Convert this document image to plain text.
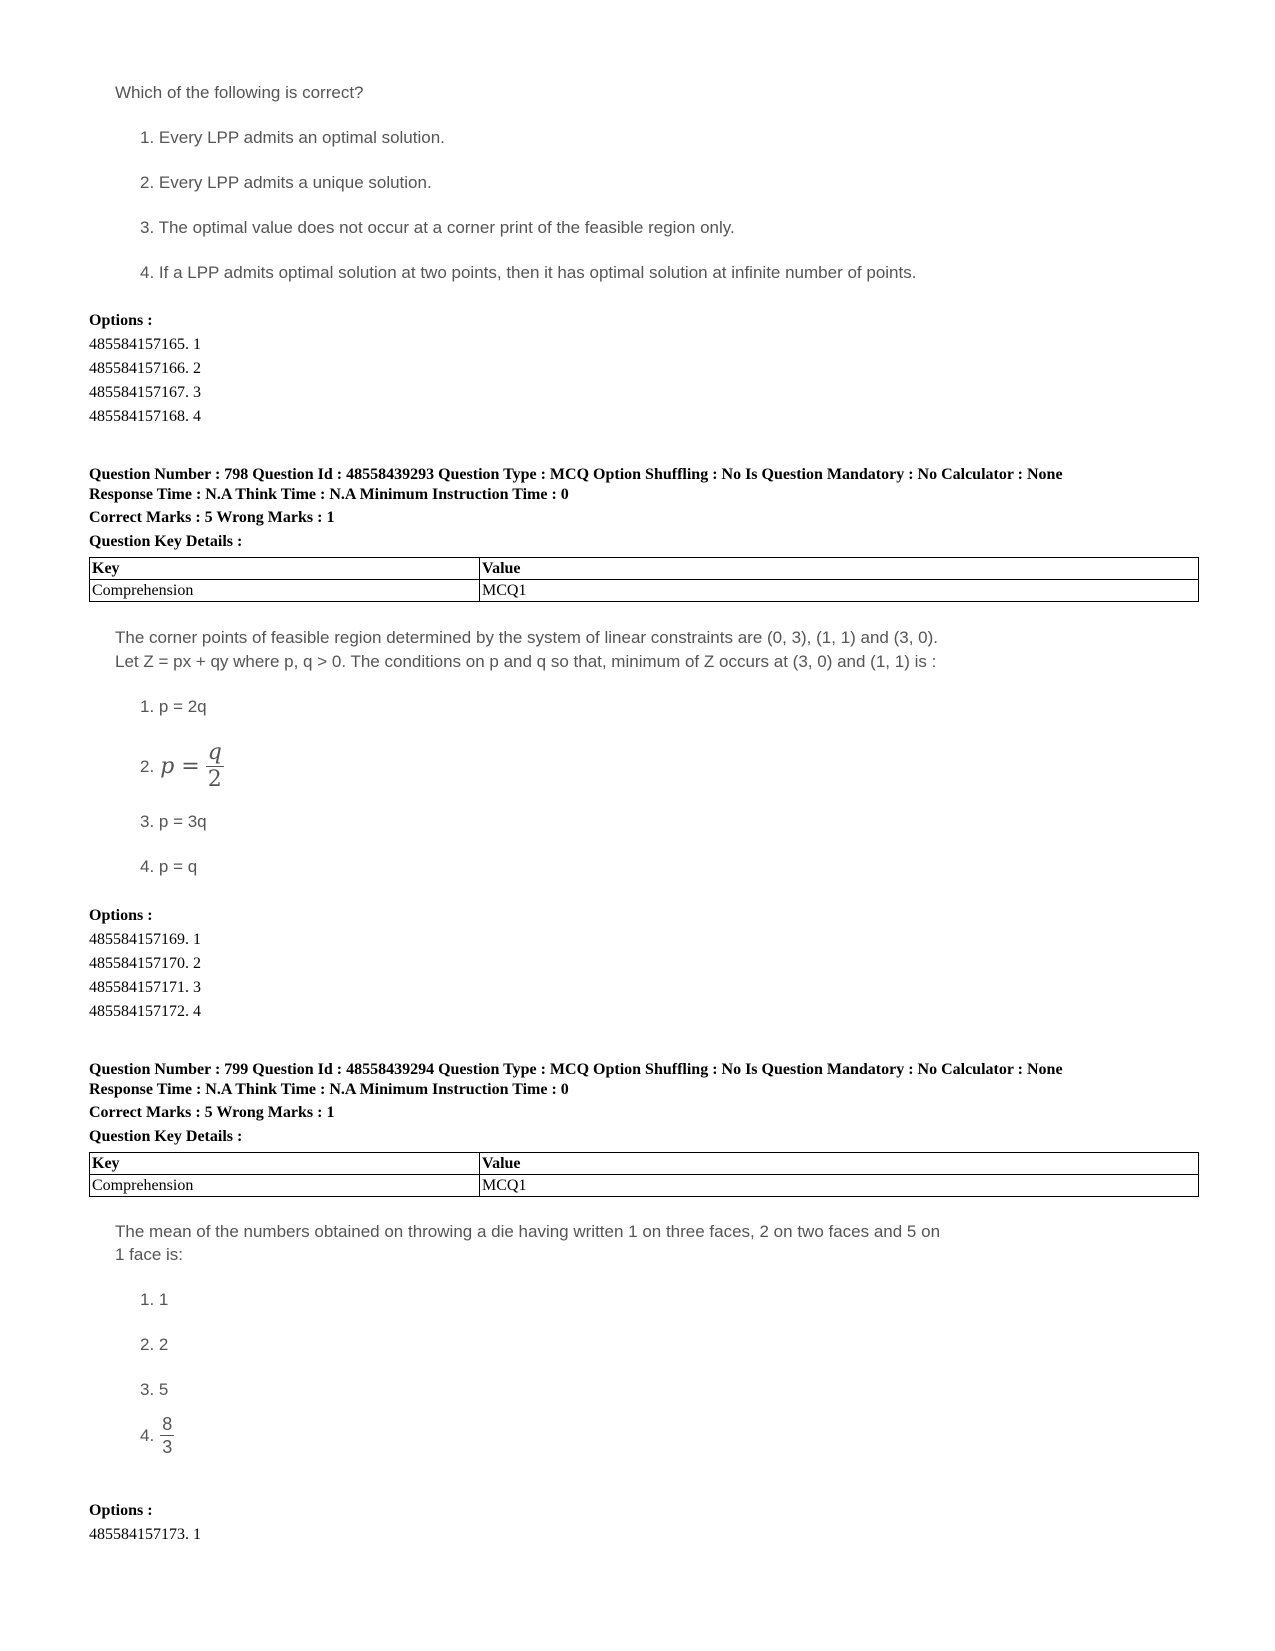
Which of the following is correct?
1. Every LPP admits an optimal solution.
2. Every LPP admits a unique solution.
3. The optimal value does not occur at a corner print of the feasible region only.
4. If a LPP admits optimal solution at two points, then it has optimal solution at infinite number of points.
Options :
485584157165. 1
485584157166. 2
485584157167. 3
485584157168. 4
Question Number : 798 Question Id : 48558439293 Question Type : MCQ Option Shuffling : No Is Question Mandatory : No Calculator : None
Response Time : N.A Think Time : N.A Minimum Instruction Time : 0
Correct Marks : 5 Wrong Marks : 1
Question Key Details :
Key	Value
Comprehension	MCQ1
The corner points of feasible region determined by the system of linear constraints are (0, 3), (1, 1) and (3, 0).
Let Z = px + qy where p, q > 0. The conditions on p and q so that, minimum of Z occurs at (3, 0) and (1, 1) is :
1. p = 2q
2. $p = \frac{q}{2}$
3. p = 3q
4. p = q
Options :
485584157169. 1
485584157170. 2
485584157171. 3
485584157172. 4
Question Number : 799 Question Id : 48558439294 Question Type : MCQ Option Shuffling : No Is Question Mandatory : No Calculator : None
Response Time : N.A Think Time : N.A Minimum Instruction Time : 0
Correct Marks : 5 Wrong Marks : 1
Question Key Details :
Key	Value
Comprehension	MCQ1
The mean of the numbers obtained on throwing a die having written 1 on three faces, 2 on two faces and 5 on
1 face is:
1. 1
2. 2
3. 5
4. $\frac{8}{3}$
Options :
485584157173. 1
